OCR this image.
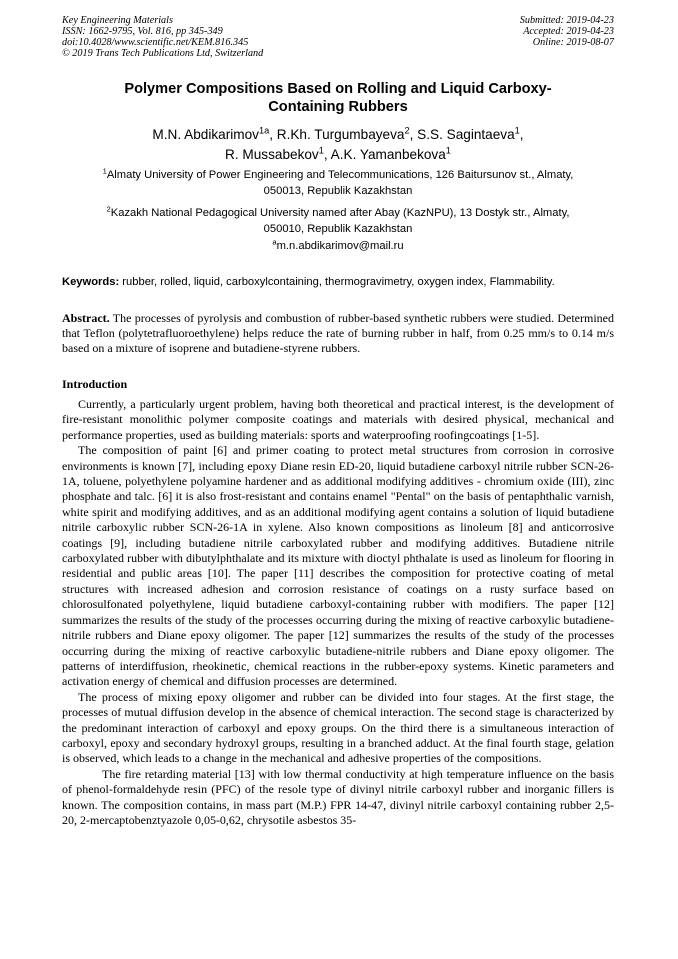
Key Engineering Materials
ISSN: 1662-9795, Vol. 816, pp 345-349
doi:10.4028/www.scientific.net/KEM.816.345
© 2019 Trans Tech Publications Ltd, Switzerland
Submitted: 2019-04-23
Accepted: 2019-04-23
Online: 2019-08-07
Polymer Compositions Based on Rolling and Liquid Carboxy-
Containing Rubbers
M.N. Abdikarimov$^{1a}$, R.Kh. Turgumbayeva$^2$, S.S. Sagintaeva$^1$,
R. Mussabekov$^1$, A.K. Yamanbekova$^1$
$^1$Almaty University of Power Engineering and Telecommunications, 126 Baitursunov st., Almaty,
050013, Republik Kazakhstan
$^2$Kazakh National Pedagogical University named after Abay (KazNPU), 13 Dostyk str., Almaty,
050010, Republik Kazakhstan
$^a$m.n.abdikarimov@mail.ru
Keywords: rubber, rolled, liquid, carboxylcontaining, thermogravimetry, oxygen index, Flammability.
Abstract. The processes of pyrolysis and combustion of rubber-based synthetic rubbers were studied. Determined that Teflon (polytetrafluoroethylene) helps reduce the rate of burning rubber in half, from 0.25 mm/s to 0.14 m/s based on a mixture of isoprene and butadiene-styrene rubbers.
Introduction

Currently, a particularly urgent problem, having both theoretical and practical interest, is the development of fire-resistant monolithic polymer composite coatings and materials with desired physical, mechanical and performance properties, used as building materials: sports and waterproofing roofingcoatings [1-5].

The composition of paint [6] and primer coating to protect metal structures from corrosion in corrosive environments is known [7], including epoxy Diane resin ED-20, liquid butadiene carboxyl nitrile rubber SCN-26-1A, toluene, polyethylene polyamine hardener and as additional modifying additives - chromium oxide (III), zinc phosphate and talc. [6] it is also frost-resistant and contains enamel "Pental" on the basis of pentaphthalic varnish, white spirit and modifying additives, and as an additional modifying agent contains a solution of liquid butadiene nitrile carboxylic rubber SCN-26-1A in xylene. Also known compositions as linoleum [8] and anticorrosive coatings [9], including butadiene nitrile carboxylated rubber and modifying additives. Butadiene nitrile carboxylated rubber with dibutylphthalate and its mixture with dioctyl phthalate is used as linoleum for flooring in residential and public areas [10]. The paper [11] describes the composition for protective coating of metal structures with increased adhesion and corrosion resistance of coatings on a rusty surface based on chlorosulfonated polyethylene, liquid butadiene carboxyl-containing rubber with modifiers. The paper [12] summarizes the results of the study of the processes occurring during the mixing of reactive carboxylic butadiene-nitrile rubbers and Diane epoxy oligomer. The paper [12] summarizes the results of the study of the processes occurring during the mixing of reactive carboxylic butadiene-nitrile rubbers and Diane epoxy oligomer. The patterns of interdiffusion, rheokinetic, chemical reactions in the rubber-epoxy systems. Kinetic parameters and activation energy of chemical and diffusion processes are determined.

The process of mixing epoxy oligomer and rubber can be divided into four stages. At the first stage, the processes of mutual diffusion develop in the absence of chemical interaction. The second stage is characterized by the predominant interaction of carboxyl and epoxy groups. On the third there is a simultaneous interaction of carboxyl, epoxy and secondary hydroxyl groups, resulting in a branched adduct. At the final fourth stage, gelation is observed, which leads to a change in the mechanical and adhesive properties of the compositions.

The fire retarding material [13] with low thermal conductivity at high temperature influence on the basis of phenol-formaldehyde resin (PFC) of the resole type of divinyl nitrile carboxyl rubber and inorganic fillers is known. The composition contains, in mass part (M.P.) FPR 14-47, divinyl nitrile carboxyl containing rubber 2,5-20, 2-mercaptobenztyazole 0,05-0,62, chrysotile asbestos 35-
